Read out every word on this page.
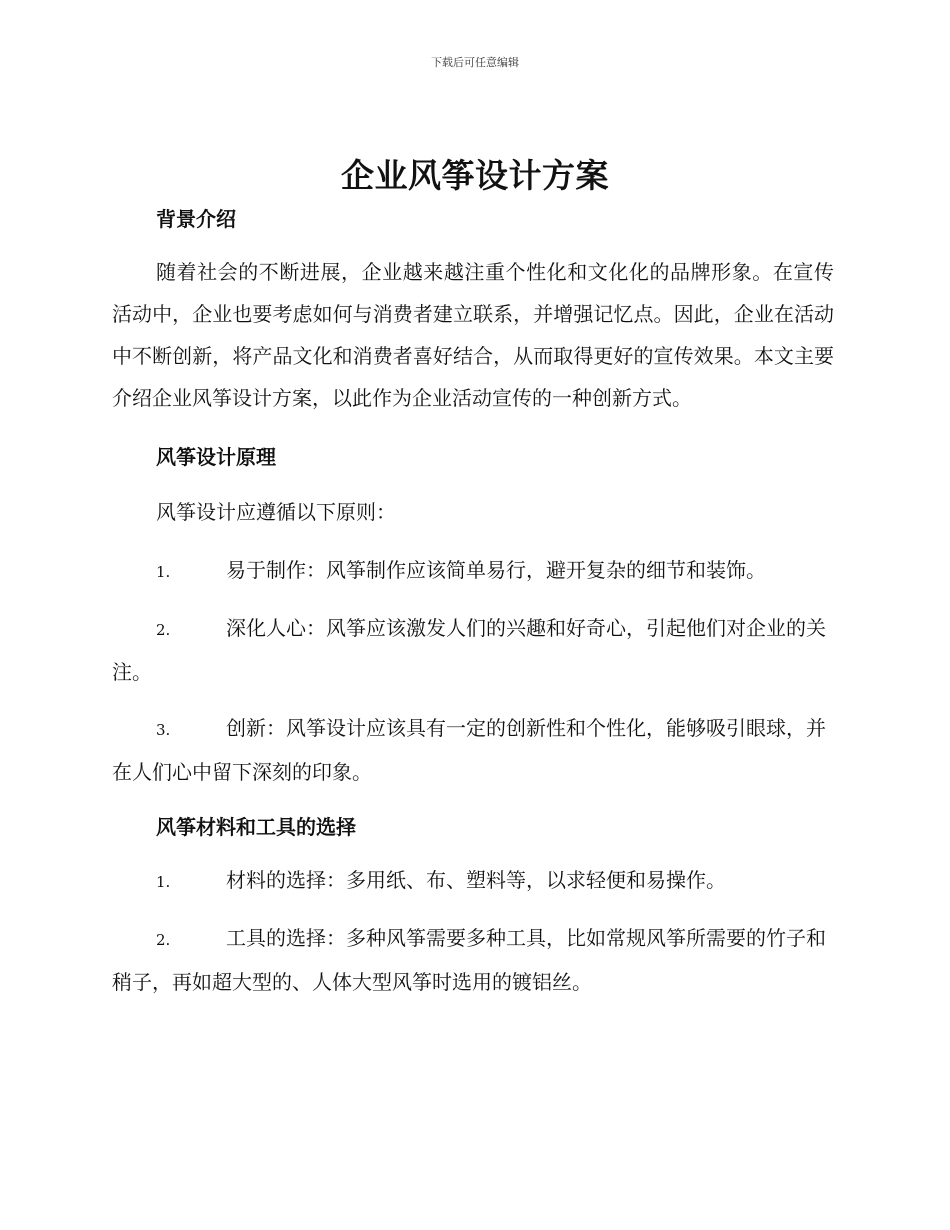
下载后可任意编辑
企业风筝设计方案
背景介绍

随着社会的不断进展，企业越来越注重个性化和文化化的品牌形象。在宣传活动中，企业也要考虑如何与消费者建立联系，并增强记忆点。因此，企业在活动中不断创新，将产品文化和消费者喜好结合，从而取得更好的宣传效果。本文主要介绍企业风筝设计方案，以此作为企业活动宣传的一种创新方式。

风筝设计原理
风筝设计应遵循以下原则：
1.	易于制作：风筝制作应该简单易行，避开复杂的细节和装饰。
2.	深化人心：风筝应该激发人们的兴趣和好奇心，引起他们对企业的关注。
3.	创新：风筝设计应该具有一定的创新性和个性化，能够吸引眼球，并在人们心中留下深刻的印象。
风筝材料和工具的选择
1.	材料的选择：多用纸、布、塑料等，以求轻便和易操作。
2.	工具的选择：多种风筝需要多种工具，比如常规风筝所需要的竹子和稍子，再如超大型的、人体大型风筝时选用的镀铝丝。
